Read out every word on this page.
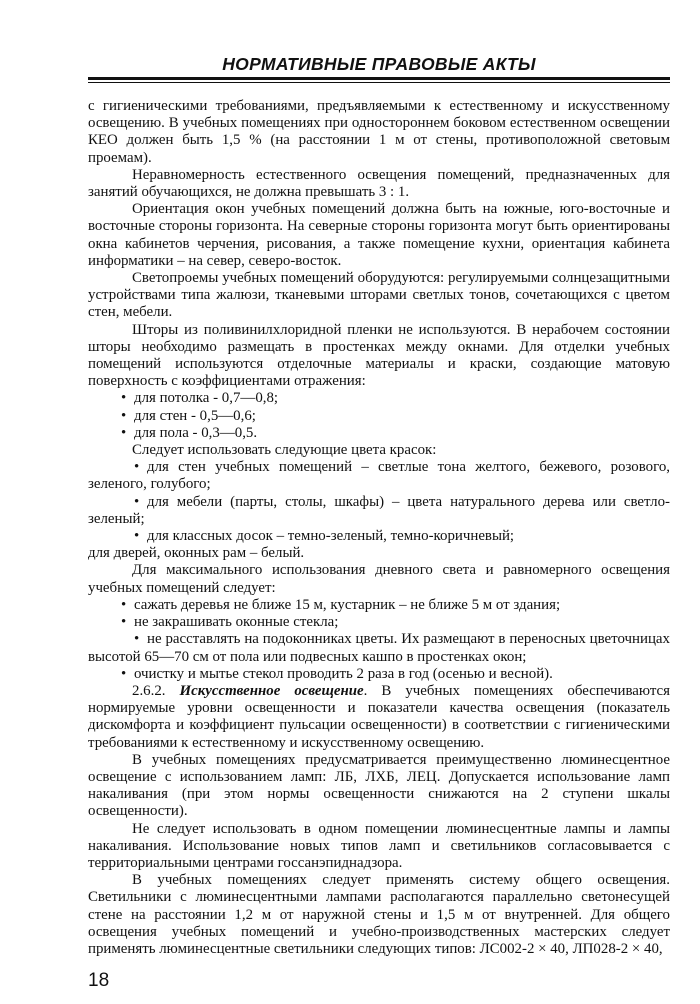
НОРМАТИВНЫЕ ПРАВОВЫЕ АКТЫ

с гигиеническими требованиями, предъявляемыми к естественному и искусственному освещению. В учебных помещениях при одностороннем боковом естественном освещении КЕО должен быть 1,5 % (на расстоянии 1 м от стены, противоположной световым проемам).

Неравномерность естественного освещения помещений, предназначенных для занятий обучающихся, не должна превышать 3 : 1.

Ориентация окон учебных помещений должна быть на южные, юго-восточные и восточные стороны горизонта. На северные стороны горизонта могут быть ориентированы окна кабинетов черчения, рисования, а также помещение кухни, ориентация кабинета информатики – на север, северо-восток.

Светопроемы учебных помещений оборудуются: регулируемыми солнцезащитными устройствами типа жалюзи, тканевыми шторами светлых тонов, сочетающихся с цветом стен, мебели.

Шторы из поливинилхлоридной пленки не используются. В нерабочем состоянии шторы необходимо размещать в простенках между окнами. Для отделки учебных помещений используются отделочные материалы и краски, создающие матовую поверхность с коэффициентами отражения:

• для потолка - 0,7—0,8;

• для стен - 0,5—0,6;

• для пола - 0,3—0,5.

Следует использовать следующие цвета красок:

• для стен учебных помещений – светлые тона желтого, бежевого, розового, зеленого, голубого;

• для мебели (парты, столы, шкафы) – цвета натурального дерева или светло-зеленый;

• для классных досок – темно-зеленый, темно-коричневый;

для дверей, оконных рам – белый.

Для максимального использования дневного света и равномерного освещения учебных помещений следует:

• сажать деревья не ближе 15 м, кустарник – не ближе 5 м от здания;

• не закрашивать оконные стекла;

• не расставлять на подоконниках цветы. Их размещают в переносных цветочницах высотой 65—70 см от пола или подвесных кашпо в простенках окон;

• очистку и мытье стекол проводить 2 раза в год (осенью и весной).

2.6.2. Искусственное освещение. В учебных помещениях обеспечиваются нормируемые уровни освещенности и показатели качества освещения (показатель дискомфорта и коэффициент пульсации освещенности) в соответствии с гигиеническими требованиями к естественному и искусственному освещению.

В учебных помещениях предусматривается преимущественно люминесцентное освещение с использованием ламп: ЛБ, ЛХБ, ЛЕЦ. Допускается использование ламп накаливания (при этом нормы освещенности снижаются на 2 ступени шкалы освещенности).

Не следует использовать в одном помещении люминесцентные лампы и лампы накаливания. Использование новых типов ламп и светильников согласовывается с территориальными центрами госсанэпиднадзора.

В учебных помещениях следует применять систему общего освещения. Светильники с люминесцентными лампами располагаются параллельно светонесущей стене на расстоянии 1,2 м от наружной стены и 1,5 м от внутренней. Для общего освещения учебных помещений и учебно-производственных мастерских следует применять люминесцентные светильники следующих типов: ЛС002-2 × 40, ЛП028-2 × 40,

18
